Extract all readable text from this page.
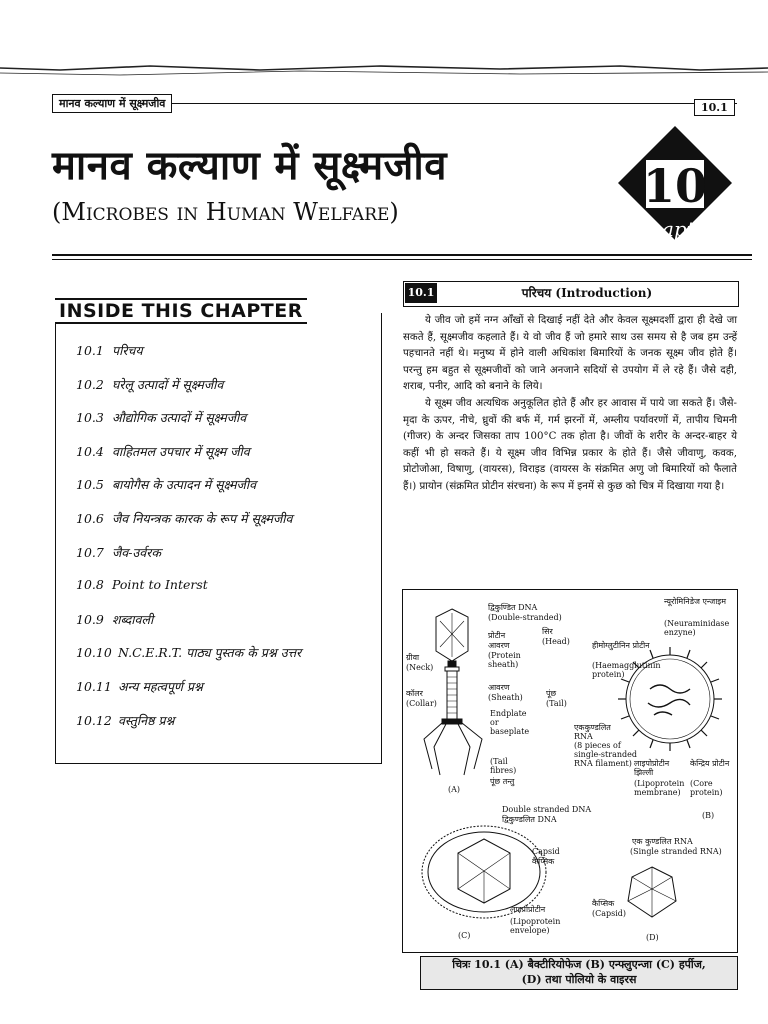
मानव कल्याण में सूक्ष्मजीव	10.1
मानव कल्याण में सूक्ष्मजीव
(Microbes in Human Welfare)	10
Chapter
INSIDE THIS CHAPTER
10.1 परिचय
10.2 घरेलू उत्पादों में सूक्ष्मजीव
10.3 औद्योगिक उत्पादों में सूक्ष्मजीव
10.4 वाहितमल उपचार में सूक्ष्म जीव
10.5 बायोगैस के उत्पादन में सूक्ष्मजीव
10.6 जैव नियन्त्रक कारक के रूप में सूक्ष्मजीव
10.7 जैव-उर्वरक
10.8 Point to Interst
10.9 शब्दावली
10.10 N.C.E.R.T. पाठ्य पुस्तक के प्रश्न उत्तर
10.11 अन्य महत्वपूर्ण प्रश्न
10.12 वस्तुनिष्ठ प्रश्न
10.1	परिचय (Introduction)

ये जीव जो हमें नग्न आँखों से दिखाई नहीं देते और केवल सूक्ष्मदर्शी द्वारा ही देखे जा सकते हैं, सूक्ष्मजीव कहलाते हैं। ये वो जीव हैं जो हमारे साथ उस समय से है जब हम उन्हें पहचानते नहीं थे। मनुष्य में होने वाली अधिकांश बिमारियों के जनक सूक्ष्म जीव होते हैं। परन्तु हम बहुत से सूक्ष्मजीवों को जाने अनजाने सदियों से उपयोग में ले रहे हैं। जैसे दही, शराब, पनीर, आदि को बनाने के लिये।

ये सूक्ष्म जीव अत्यधिक अनुकूलित होते हैं और हर आवास में पाये जा सकते हैं। जैसे-मृदा के ऊपर, नीचे, ध्रुवों की बर्फ में, गर्म झरनों में, अम्लीय पर्यावरणों में, तापीय चिमनी (गीजर) के अन्दर जिसका ताप 100°C तक होता है। जीवों के शरीर के अन्दर-बाहर ये कहीं भी हो सकते हैं। ये सूक्ष्म जीव विभिन्न प्रकार के होते हैं। जैसे जीवाणु, कवक, प्रोटोजोआ, विषाणु, (वायरस), विराइड (वायरस के संक्रमित अणु जो बिमारियों को फैलाते हैं।) प्रायोन (संक्रमित प्रोटीन संरचना) के रूप में इनमें से कुछ को चित्र में दिखाया गया है।

द्विकुण्डित DNA
(Double-stranded)
प्रोटीन
आवरण
(Protein sheath)
सिर
(Head)
ग्रीवा
(Neck)
कॉलर
(Collar)
आवरण
(Sheath)	पूंछ
(Tail)
Endplate or baseplate
(Tail fibres)
पूंछ तन्तु
(A)
न्यूरोमिनिडेज एन्जाइम
(Neuraminidase enzyne)
हीमोग्लुटीनिन प्रोटीन
(Haemagglutinin protein)
एककुण्डलित RNA
(8 pieces of single-stranded RNA filament) लाइपोप्रोटीन झिल्ली
(Lipoprotein membrane)
केन्द्रिय प्रोटीन
(Core protein)
(B)
Double stranded DNA
द्विकुण्डलित DNA
Capsid
कैप्सिक
लाइप्रोप्रोटीन
(Lipoprotein envelope)
(C)
एक कुण्डलित RNA
(Single stranded RNA)
कैप्सिक
(Capsid)
(D)
चित्रः 10.1 (A) बैक्टीरियोफेज (B) एन्फ्लुएन्जा (C) हर्पीज,
(D) तथा पोलियो के वाइरस
